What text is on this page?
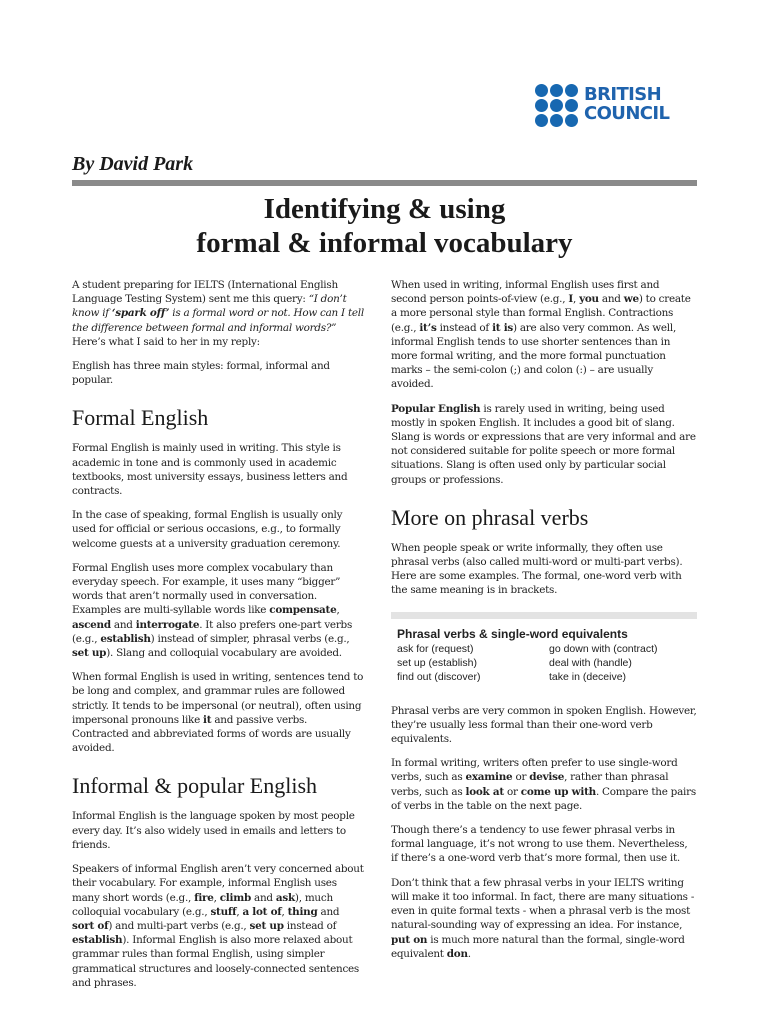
BRITISH
COUNCIL
By David Park
Identifying & using
formal & informal vocabulary

A student preparing for IELTS (International English Language Testing System) sent me this query: “I don’t know if ‘spark off’ is a formal word or not. How can I tell the difference between formal and informal words?” Here’s what I said to her in my reply:

English has three main styles: formal, informal and popular.

Formal English

Formal English is mainly used in writing. This style is academic in tone and is commonly used in academic textbooks, most university essays, business letters and contracts.

In the case of speaking, formal English is usually only used for official or serious occasions, e.g., to formally welcome guests at a university graduation ceremony.

Formal English uses more complex vocabulary than everyday speech. For example, it uses many “bigger” words that aren’t normally used in conversation. Examples are multi-syllable words like compensate, ascend and interrogate. It also prefers one-part verbs (e.g., establish) instead of simpler, phrasal verbs (e.g., set up). Slang and colloquial vocabulary are avoided.

When formal English is used in writing, sentences tend to be long and complex, and grammar rules are followed strictly. It tends to be impersonal (or neutral), often using impersonal pronouns like it and passive verbs. Contracted and abbreviated forms of words are usually avoided.

Informal & popular English

Informal English is the language spoken by most people every day. It’s also widely used in emails and letters to friends.

Speakers of informal English aren’t very concerned about their vocabulary. For example, informal English uses many short words (e.g., fire, climb and ask), much colloquial vocabulary (e.g., stuff, a lot of, thing and sort of) and multi-part verbs (e.g., set up instead of establish). Informal English is also more relaxed about grammar rules than formal English, using simpler grammatical structures and loosely-connected sentences and phrases.

When used in writing, informal English uses first and second person points-of-view (e.g., I, you and we) to create a more personal style than formal English. Contractions (e.g., it’s instead of it is) are also very common. As well, informal English tends to use shorter sentences than in more formal writing, and the more formal punctuation marks – the semi-colon (;) and colon (:) – are usually avoided.

Popular English is rarely used in writing, being used mostly in spoken English. It includes a good bit of slang. Slang is words or expressions that are very informal and are not considered suitable for polite speech or more formal situations. Slang is often used only by particular social groups or professions.

More on phrasal verbs

When people speak or write informally, they often use phrasal verbs (also called multi-word or multi-part verbs). Here are some examples. The formal, one-word verb with the same meaning is in brackets.

Phrasal verbs & single-word equivalents
ask for (request)	go down with (contract)
set up (establish)	deal with (handle)
find out (discover)	take in (deceive)

Phrasal verbs are very common in spoken English. However, they’re usually less formal than their one-word verb equivalents.

In formal writing, writers often prefer to use single-word verbs, such as examine or devise, rather than phrasal verbs, such as look at or come up with. Compare the pairs of verbs in the table on the next page.

Though there’s a tendency to use fewer phrasal verbs in formal language, it’s not wrong to use them. Nevertheless, if there’s a one-word verb that’s more formal, then use it.

Don’t think that a few phrasal verbs in your IELTS writing will make it too informal. In fact, there are many situations - even in quite formal texts - when a phrasal verb is the most natural-sounding way of expressing an idea. For instance, put on is much more natural than the formal, single-word equivalent don.
